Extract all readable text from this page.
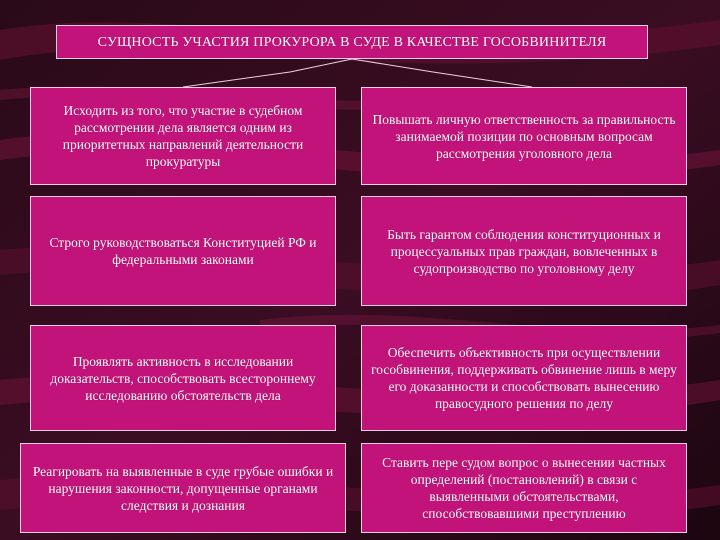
СУЩНОСТЬ УЧАСТИЯ ПРОКУРОРА В СУДЕ В КАЧЕСТВЕ ГОСОБВИНИТЕЛЯ
Исходить из того, что участие в судебном рассмотрении дела является одним из приоритетных направлений деятельности прокуратуры
Строго руководствоваться Конституцией РФ и федеральными законами
Проявлять активность в исследовании доказательств, способствовать всестороннему исследованию обстоятельств дела
Реагировать на выявленные в суде грубые ошибки и нарушения законности, допущенные органами следствия и дознания
Повышать личную ответственность за правильность занимаемой позиции по основным вопросам рассмотрения уголовного дела
Быть гарантом соблюдения конституционных и процессуальных прав граждан, вовлеченных в судопроизводство по уголовному делу
Обеспечить объективность при осуществлении гособвинения, поддерживать обвинение лишь в меру его доказанности и способствовать вынесению правосудного решения по делу
Ставить пере судом вопрос о вынесении частных определений (постановлений) в связи с выявленными обстоятельствами, способствовавшими преступлению
